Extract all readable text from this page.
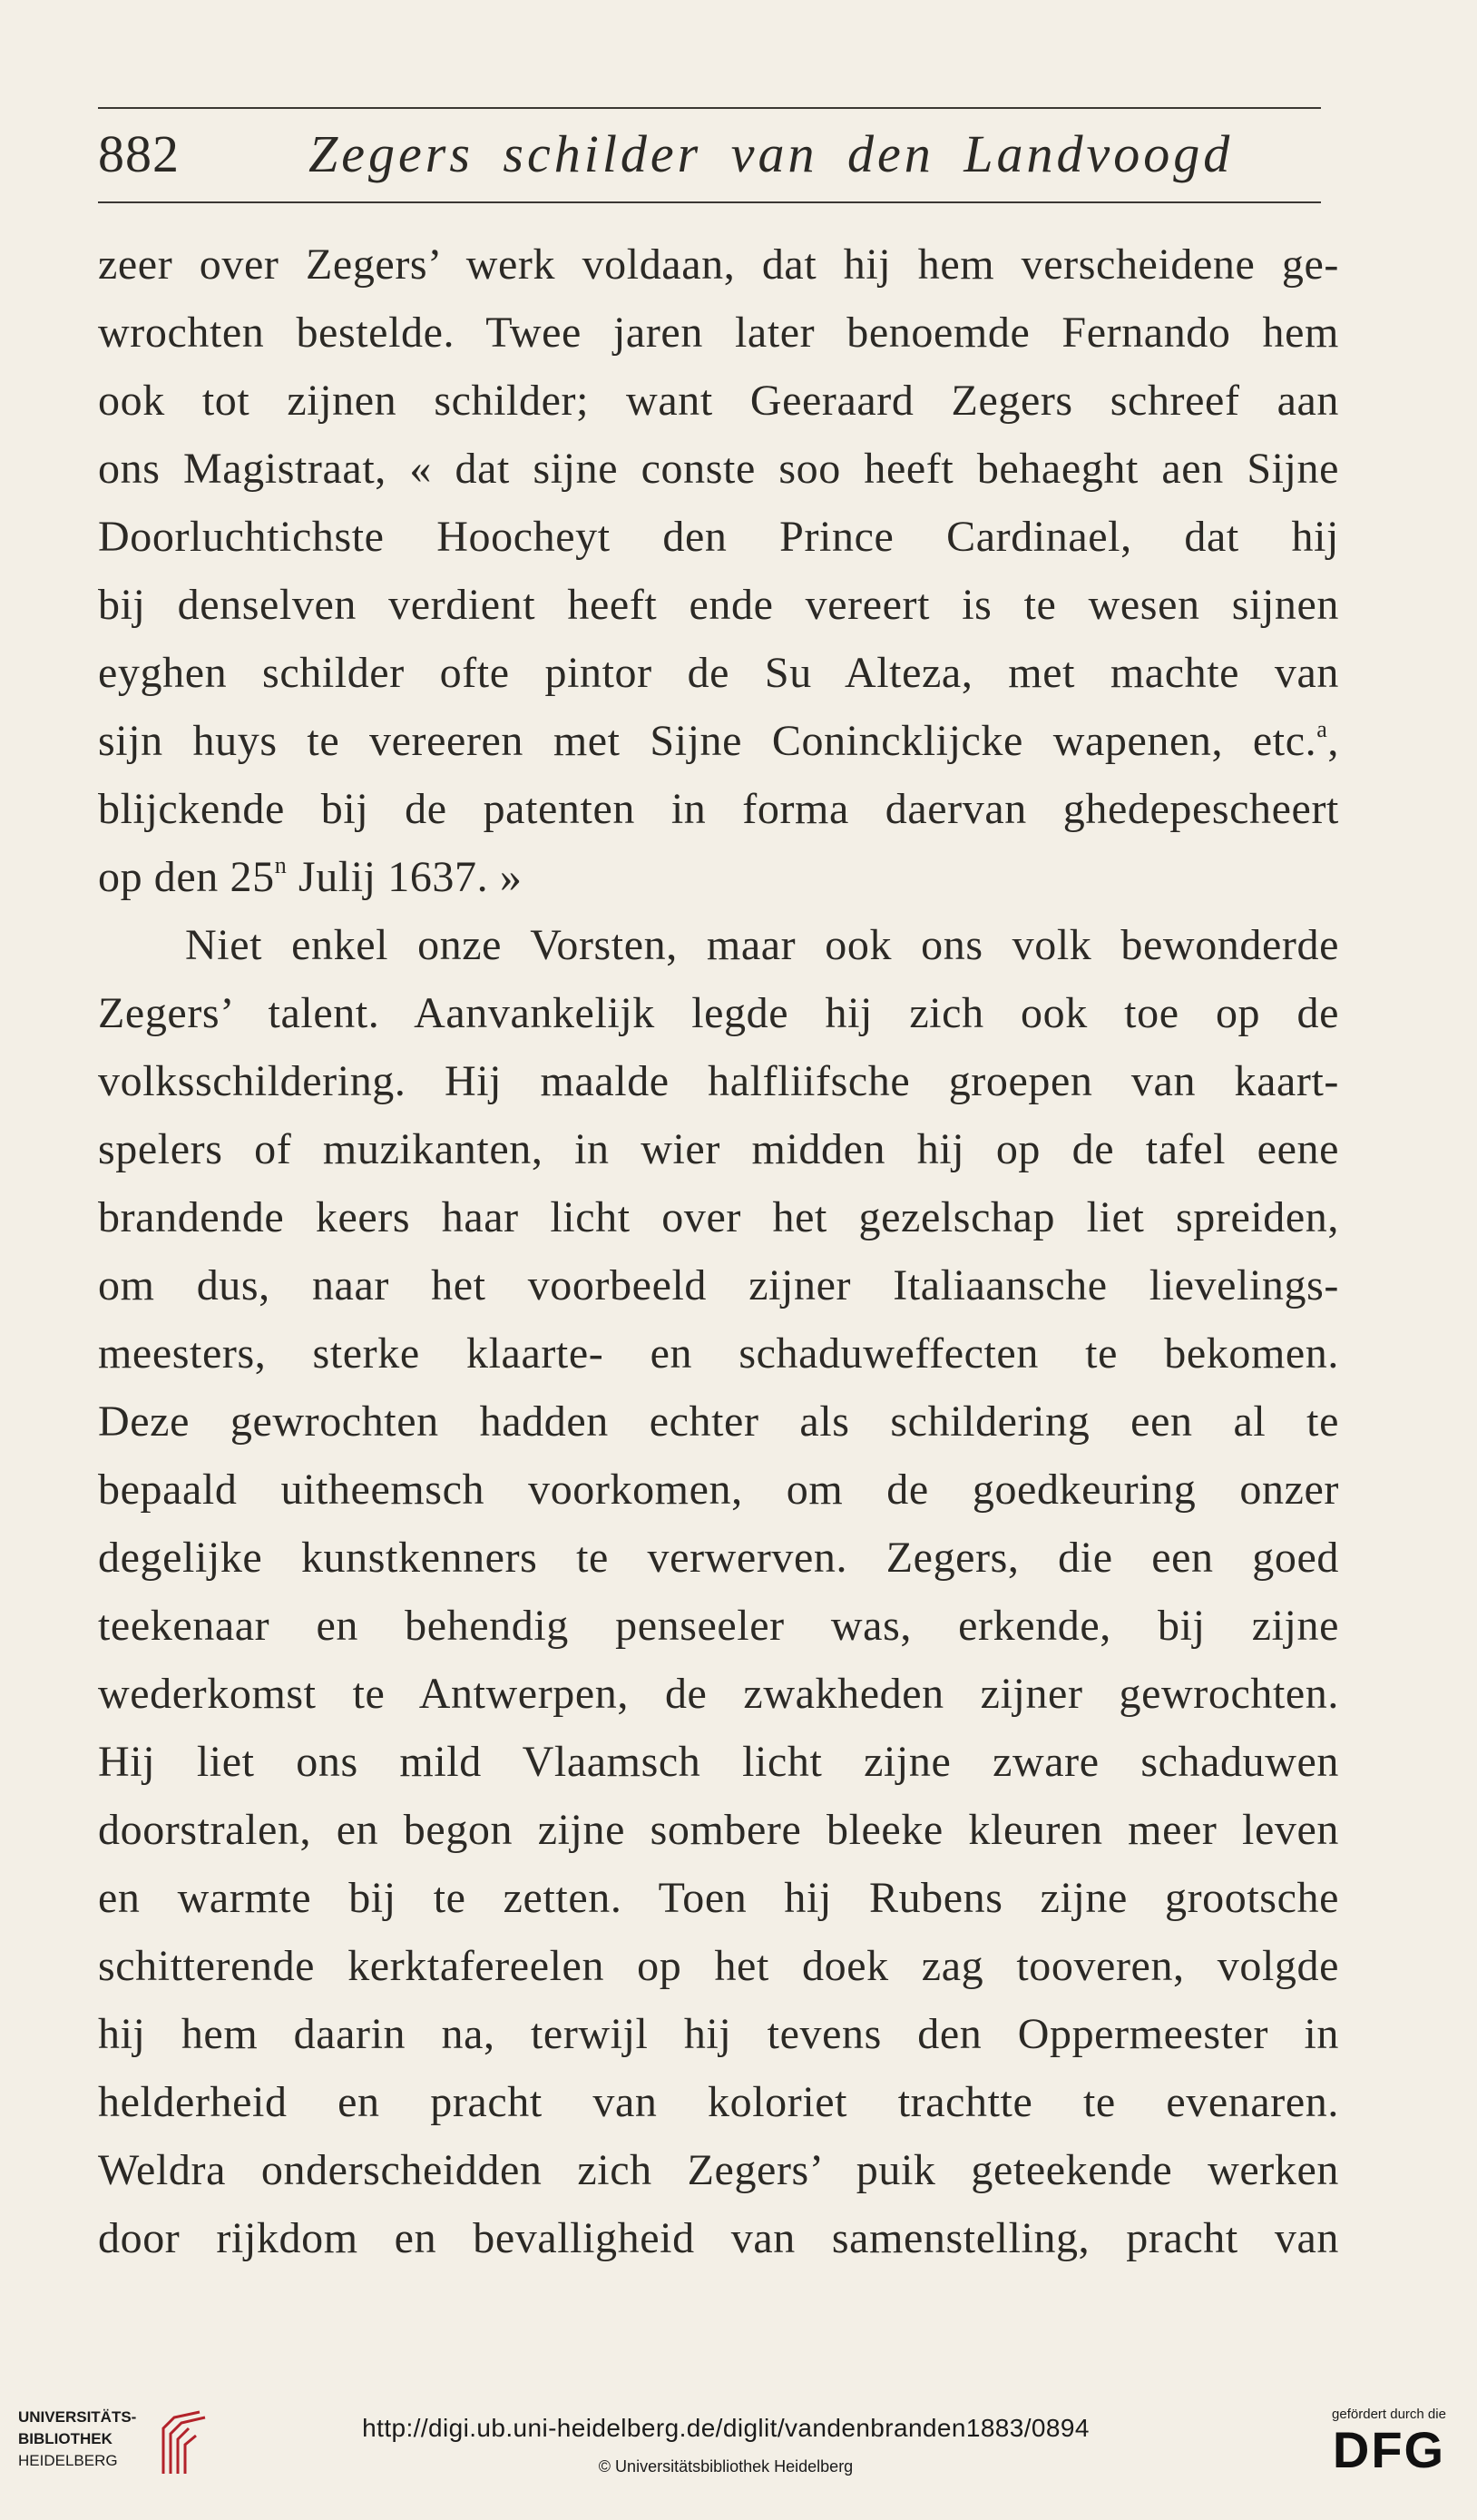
882 Zegers schilder van den Landvoogd
zeer over Zegers’ werk voldaan, dat hij hem verscheidene ge-
wrochten bestelde. Twee jaren later benoemde Fernando hem
ook tot zijnen schilder; want Geeraard Zegers schreef aan
ons Magistraat, « dat sijne conste soo heeft behaeght aen Sijne
Doorluchtichste Hoocheyt den Prince Cardinael, dat hij
bij denselven verdient heeft ende vereert is te wesen sijnen
eyghen schilder ofte pintor de Su Alteza, met machte van
sijn huys te vereeren met Sijne Conincklijcke wapenen, etc.$^a$,
blijckende bij de patenten in forma daervan ghedepescheert
op den 25$^n$ Julij 1637. »
Niet enkel onze Vorsten, maar ook ons volk bewonderde
Zegers’ talent. Aanvankelijk legde hij zich ook toe op de
volksschildering. Hij maalde halfliifsche groepen van kaart-
spelers of muzikanten, in wier midden hij op de tafel eene
brandende keers haar licht over het gezelschap liet spreiden,
om dus, naar het voorbeeld zijner Italiaansche lievelings-
meesters, sterke klaarte- en schaduweffecten te bekomen.
Deze gewrochten hadden echter als schildering een al te
bepaald uitheemsch voorkomen, om de goedkeuring onzer
degelijke kunstkenners te verwerven. Zegers, die een goed
teekenaar en behendig penseeler was, erkende, bij zijne
wederkomst te Antwerpen, de zwakheden zijner gewrochten.
Hij liet ons mild Vlaamsch licht zijne zware schaduwen
doorstralen, en begon zijne sombere bleeke kleuren meer leven
en warmte bij te zetten. Toen hij Rubens zijne grootsche
schitterende kerktafereelen op het doek zag tooveren, volgde
hij hem daarin na, terwijl hij tevens den Oppermeester in
helderheid en pracht van koloriet trachtte te evenaren.
Weldra onderscheidden zich Zegers’ puik geteekende werken
door rijkdom en bevalligheid van samenstelling, pracht van
UNIVERSITÄTS-
BIBLIOTHEK
HEIDELBERG
http://digi.ub.uni-heidelberg.de/diglit/vandenbranden1883/0894
© Universitätsbibliothek Heidelberg
gefördert durch die
DFG
